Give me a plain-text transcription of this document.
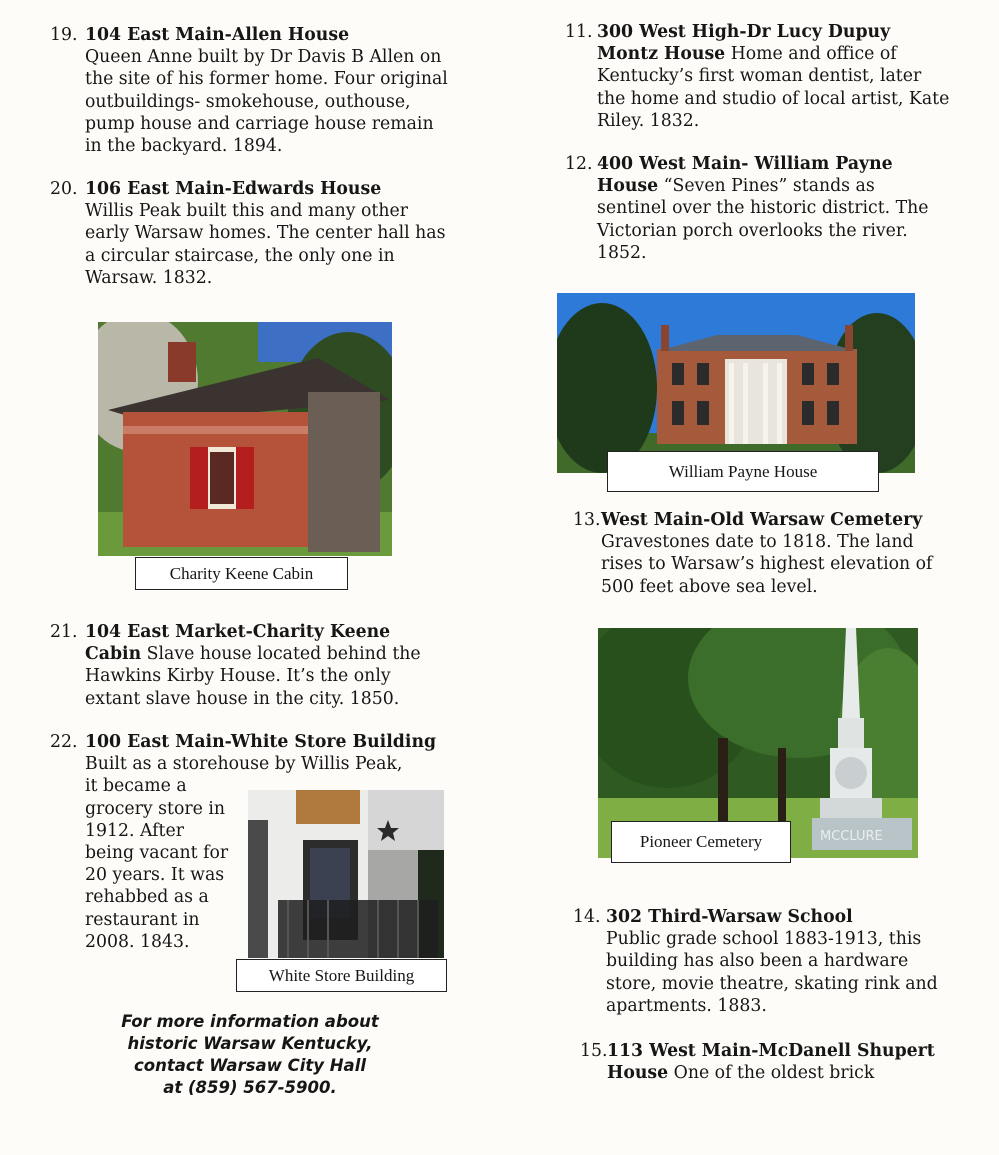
19. 104 East Main-Allen House
Queen Anne built by Dr Davis B Allen on the site of his former home. Four original outbuildings- smokehouse, outhouse, pump house and carriage house remain in the backyard. 1894.
20. 106 East Main-Edwards House
Willis Peak built this and many other early Warsaw homes. The center hall has a circular staircase, the only one in Warsaw. 1832.
Charity Keene Cabin
21. 104 East Market-Charity Keene Cabin Slave house located behind the Hawkins Kirby House. It’s the only extant slave house in the city. 1850.
22. 100 East Main-White Store Building
Built as a storehouse by Willis Peak,
it became a grocery store in 1912. After being vacant for 20 years. It was rehabbed as a restaurant in 2008. 1843.
White Store Building
For more information about
historic Warsaw Kentucky,
contact Warsaw City Hall
at (859) 567-5900.
11. 300 West High-Dr Lucy Dupuy Montz House Home and office of Kentucky’s first woman dentist, later the home and studio of local artist, Kate Riley. 1832.
12. 400 West Main- William Payne House “Seven Pines” stands as sentinel over the historic district. The Victorian porch overlooks the river. 1852.
William Payne House
13. West Main-Old Warsaw Cemetery
Gravestones date to 1818. The land rises to Warsaw’s highest elevation of 500 feet above sea level.
MCCLURE
Pioneer Cemetery
14. 302 Third-Warsaw School
Public grade school 1883-1913, this building has also been a hardware store, movie theatre, skating rink and apartments. 1883.
15. 113 West Main-McDanell Shupert House One of the oldest brick
